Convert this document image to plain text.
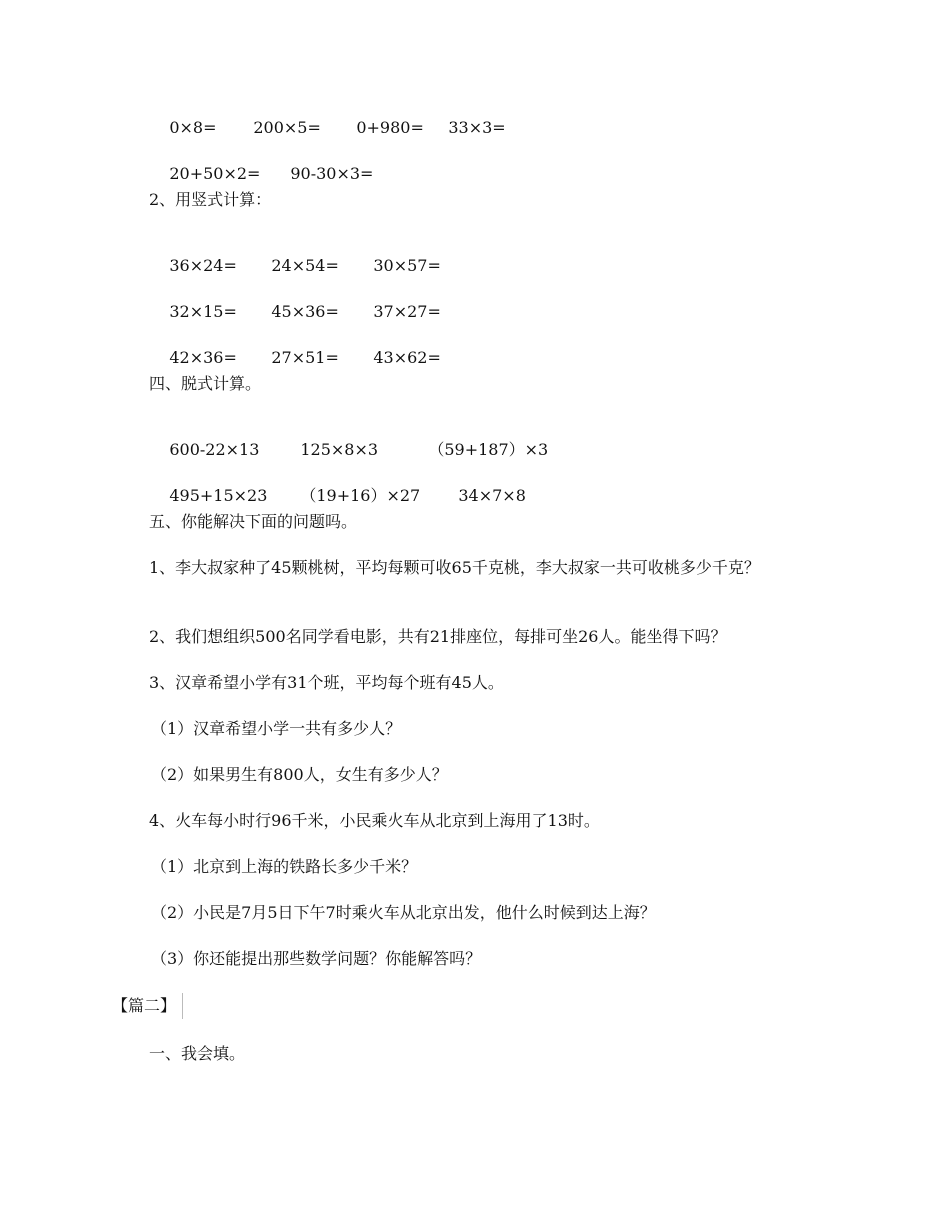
0×8= 200×5= 0+980= 33×3=

20+50×2= 90-30×3=

2、用竖式计算：

36×24= 24×54= 30×57=

32×15= 45×36= 37×27=

42×36= 27×51= 43×62=

四、脱式计算。

600-22×13	125×8×3	（59+187）×3

495+15×23 （19+16）×27 34×7×8

五、你能解决下面的问题吗。
1、李大叔家种了45颗桃树，平均每颗可收65千克桃，李大叔家一共可收桃多少千克？
2、我们想组织500名同学看电影，共有21排座位，每排可坐26人。能坐得下吗？
3、汉章希望小学有31个班，平均每个班有45人。
（1）汉章希望小学一共有多少人？
（2）如果男生有800人，女生有多少人？
4、火车每小时行96千米，小民乘火车从北京到上海用了13时。
（1）北京到上海的铁路长多少千米？
（2）小民是7月5日下午7时乘火车从北京出发，他什么时候到达上海？
（3）你还能提出那些数学问题？你能解答吗？
【篇二】
一、我会填。
